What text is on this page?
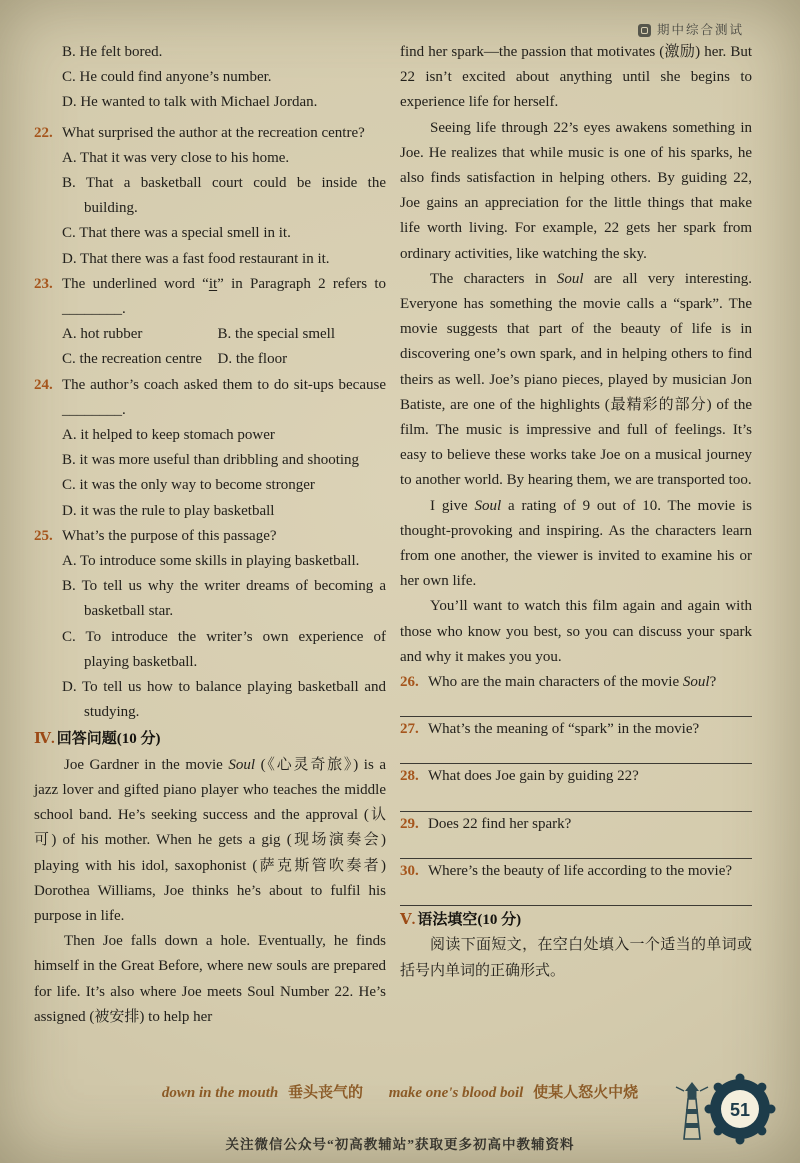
期中综合测试
B. He felt bored.
C. He could find anyone’s number.
D. He wanted to talk with Michael Jordan.
22. What surprised the author at the recreation centre?
A. That it was very close to his home.
B. That a basketball court could be inside the building.
C. That there was a special smell in it.
D. That there was a fast food restaurant in it.
23. The underlined word “it” in Paragraph 2 refers to ________.
A. hot rubber	B. the special smell
C. the recreation centre	D. the floor
24. The author’s coach asked them to do sit-ups because ________.
A. it helped to keep stomach power
B. it was more useful than dribbling and shooting
C. it was the only way to become stronger
D. it was the rule to play basketball
25. What’s the purpose of this passage?
A. To introduce some skills in playing basketball.
B. To tell us why the writer dreams of becoming a basketball star.
C. To introduce the writer’s own experience of playing basketball.
D. To tell us how to balance playing basketball and studying.
Ⅳ. 回答问题(10 分)
Joe Gardner in the movie Soul (《心灵奇旅》) is a jazz lover and gifted piano player who teaches the middle school band. He’s seeking success and the approval (认可) of his mother. When he gets a gig (现场演奏会) playing with his idol, saxophonist (萨克斯管吹奏者) Dorothea Williams, Joe thinks he’s about to fulfil his purpose in life.
Then Joe falls down a hole. Eventually, he finds himself in the Great Before, where new souls are prepared for life. It’s also where Joe meets Soul Number 22. He’s assigned (被安排) to help her
find her spark—the passion that motivates (激励) her. But 22 isn’t excited about anything until she begins to experience life for herself.
Seeing life through 22’s eyes awakens something in Joe. He realizes that while music is one of his sparks, he also finds satisfaction in helping others. By guiding 22, Joe gains an appreciation for the little things that make life worth living. For example, 22 gets her spark from ordinary activities, like watching the sky.
The characters in Soul are all very interesting. Everyone has something the movie calls a “spark”. The movie suggests that part of the beauty of life is in discovering one’s own spark, and in helping others to find theirs as well. Joe’s piano pieces, played by musician Jon Batiste, are one of the highlights (最精彩的部分) of the film. The music is impressive and full of feelings. It’s easy to believe these works take Joe on a musical journey to another world. By hearing them, we are transported too.
I give Soul a rating of 9 out of 10. The movie is thought-provoking and inspiring. As the characters learn from one another, the viewer is invited to examine his or her own life.
You’ll want to watch this film again and again with those who know you best, so you can discuss your spark and why it makes you you.
26. Who are the main characters of the movie Soul?
27. What’s the meaning of “spark” in the movie?
28. What does Joe gain by guiding 22?
29. Does 22 find her spark?
30. Where’s the beauty of life according to the movie?
Ⅴ. 语法填空(10 分)
阅读下面短文，在空白处填入一个适当的单词或括号内单词的正确形式。
down in the mouth 垂头丧气的 make one's blood boil 使某人怒火中烧
关注微信公众号“初高教辅站”获取更多初高中教辅资料
51
